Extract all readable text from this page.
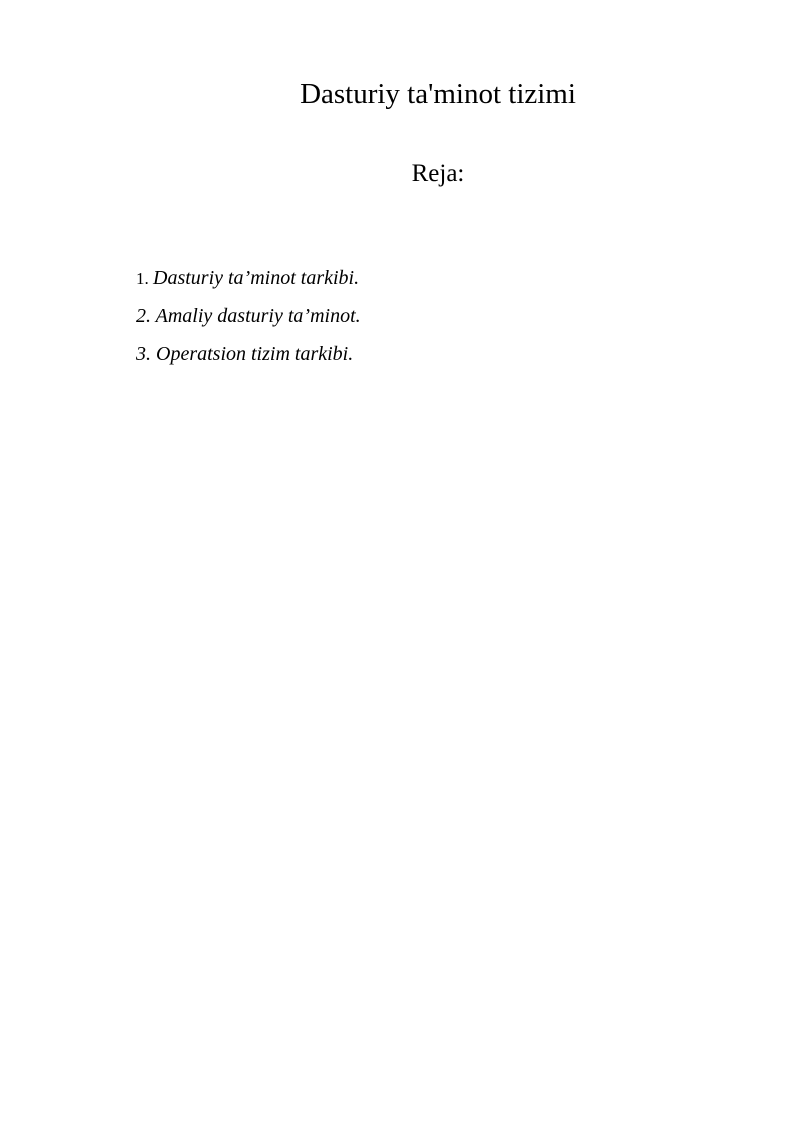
Dasturiy ta'minot tizimi
Reja:
1. Dasturiy ta’minot tarkibi.
2. Amaliy dasturiy ta’minot.
3. Operatsion tizim tarkibi.
